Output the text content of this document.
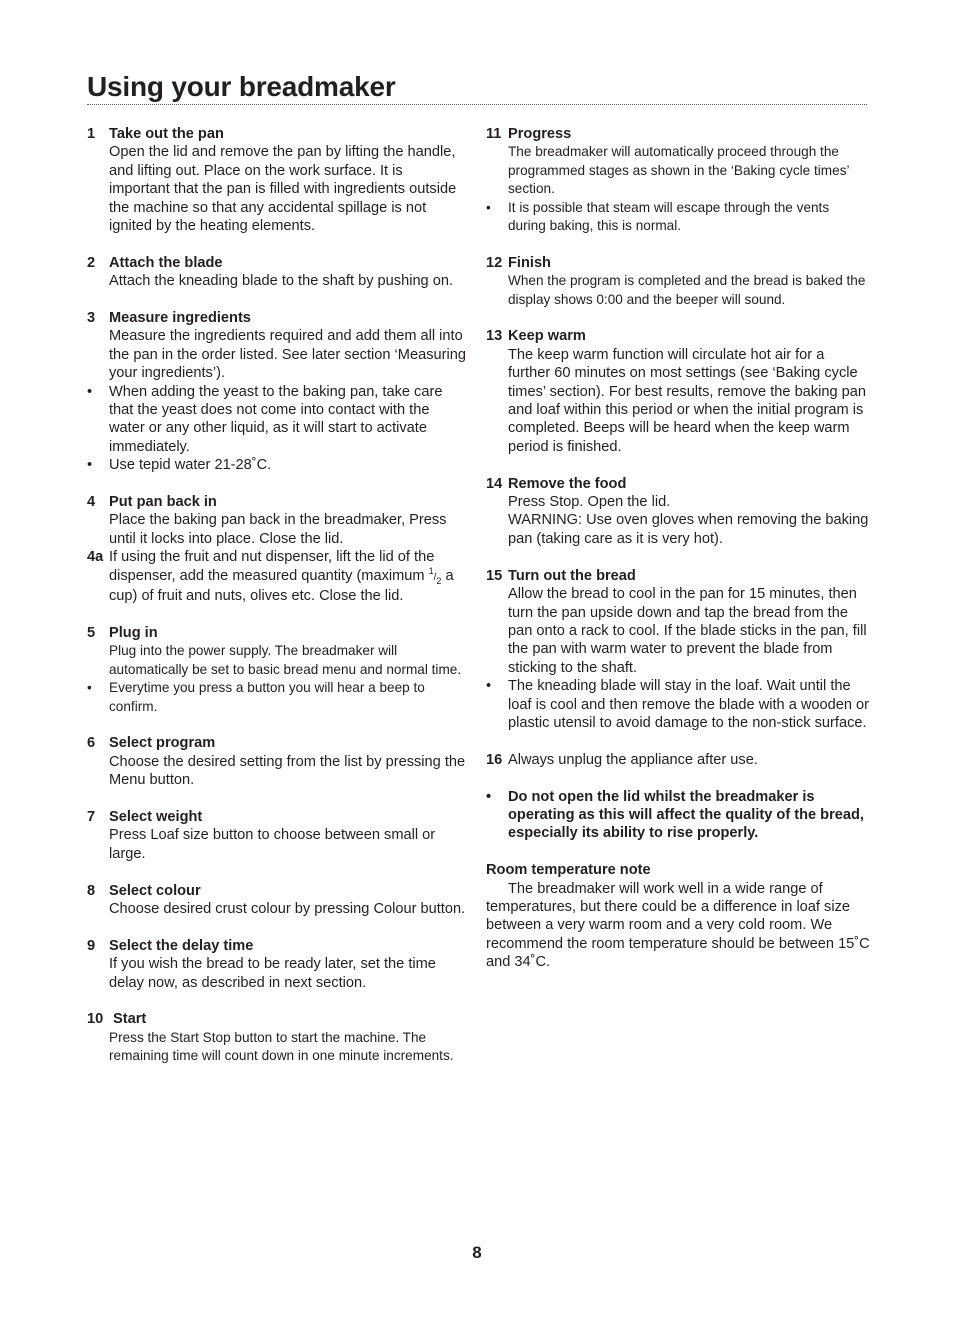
Using your breadmaker
1 Take out the pan
Open the lid and remove the pan by lifting the handle, and lifting out. Place on the work surface. It is important that the pan is filled with ingredients outside the machine so that any accidental spillage is not ignited by the heating elements.
2 Attach the blade
Attach the kneading blade to the shaft by pushing on.
3 Measure ingredients
Measure the ingredients required and add them all into the pan in the order listed. See later section ‘Measuring your ingredients’).
•	When adding the yeast to the baking pan, take care that the yeast does not come into contact with the water or any other liquid, as it will start to activate immediately.
•	Use tepid water 21-28˚C.
4 Put pan back in
Place the baking pan back in the breadmaker, Press until it locks into place. Close the lid.
4a If using the fruit and nut dispenser, lift the lid of the dispenser, add the measured quantity (maximum $^1/_2$ a cup) of fruit and nuts, olives etc. Close the lid.
5 Plug in
Plug into the power supply. The breadmaker will automatically be set to basic bread menu and normal time.
•	Everytime you press a button you will hear a beep to confirm.
6 Select program
Choose the desired setting from the list by pressing the Menu button.
7 Select weight
Press Loaf size button to choose between small or large.
8 Select colour
Choose desired crust colour by pressing Colour button.
9 Select the delay time
If you wish the bread to be ready later, set the time delay now, as described in next section.
10 Start
Press the Start Stop button to start the machine. The remaining time will count down in one minute increments.
11 Progress
The breadmaker will automatically proceed through the programmed stages as shown in the ‘Baking cycle times’ section.
•	It is possible that steam will escape through the vents during baking, this is normal.
12 Finish
When the program is completed and the bread is baked the display shows 0:00 and the beeper will sound.
13 Keep warm
The keep warm function will circulate hot air for a further 60 minutes on most settings (see ‘Baking cycle times’ section). For best results, remove the baking pan and loaf within this period or when the initial program is completed. Beeps will be heard when the keep warm period is finished.
14 Remove the food
Press Stop. Open the lid.
WARNING: Use oven gloves when removing the baking pan (taking care as it is very hot).
15 Turn out the bread
Allow the bread to cool in the pan for 15 minutes, then turn the pan upside down and tap the bread from the pan onto a rack to cool. If the blade sticks in the pan, fill the pan with warm water to prevent the blade from sticking to the shaft.
•	The kneading blade will stay in the loaf. Wait until the loaf is cool and then remove the blade with a wooden or plastic utensil to avoid damage to the non-stick surface.
16 Always unplug the appliance after use.
•	Do not open the lid whilst the breadmaker is operating as this will affect the quality of the bread, especially its ability to rise properly.
Room temperature note
The breadmaker will work well in a wide range of temperatures, but there could be a difference in loaf size between a very warm room and a very cold room. We recommend the room temperature should be between 15˚C and 34˚C.
8
